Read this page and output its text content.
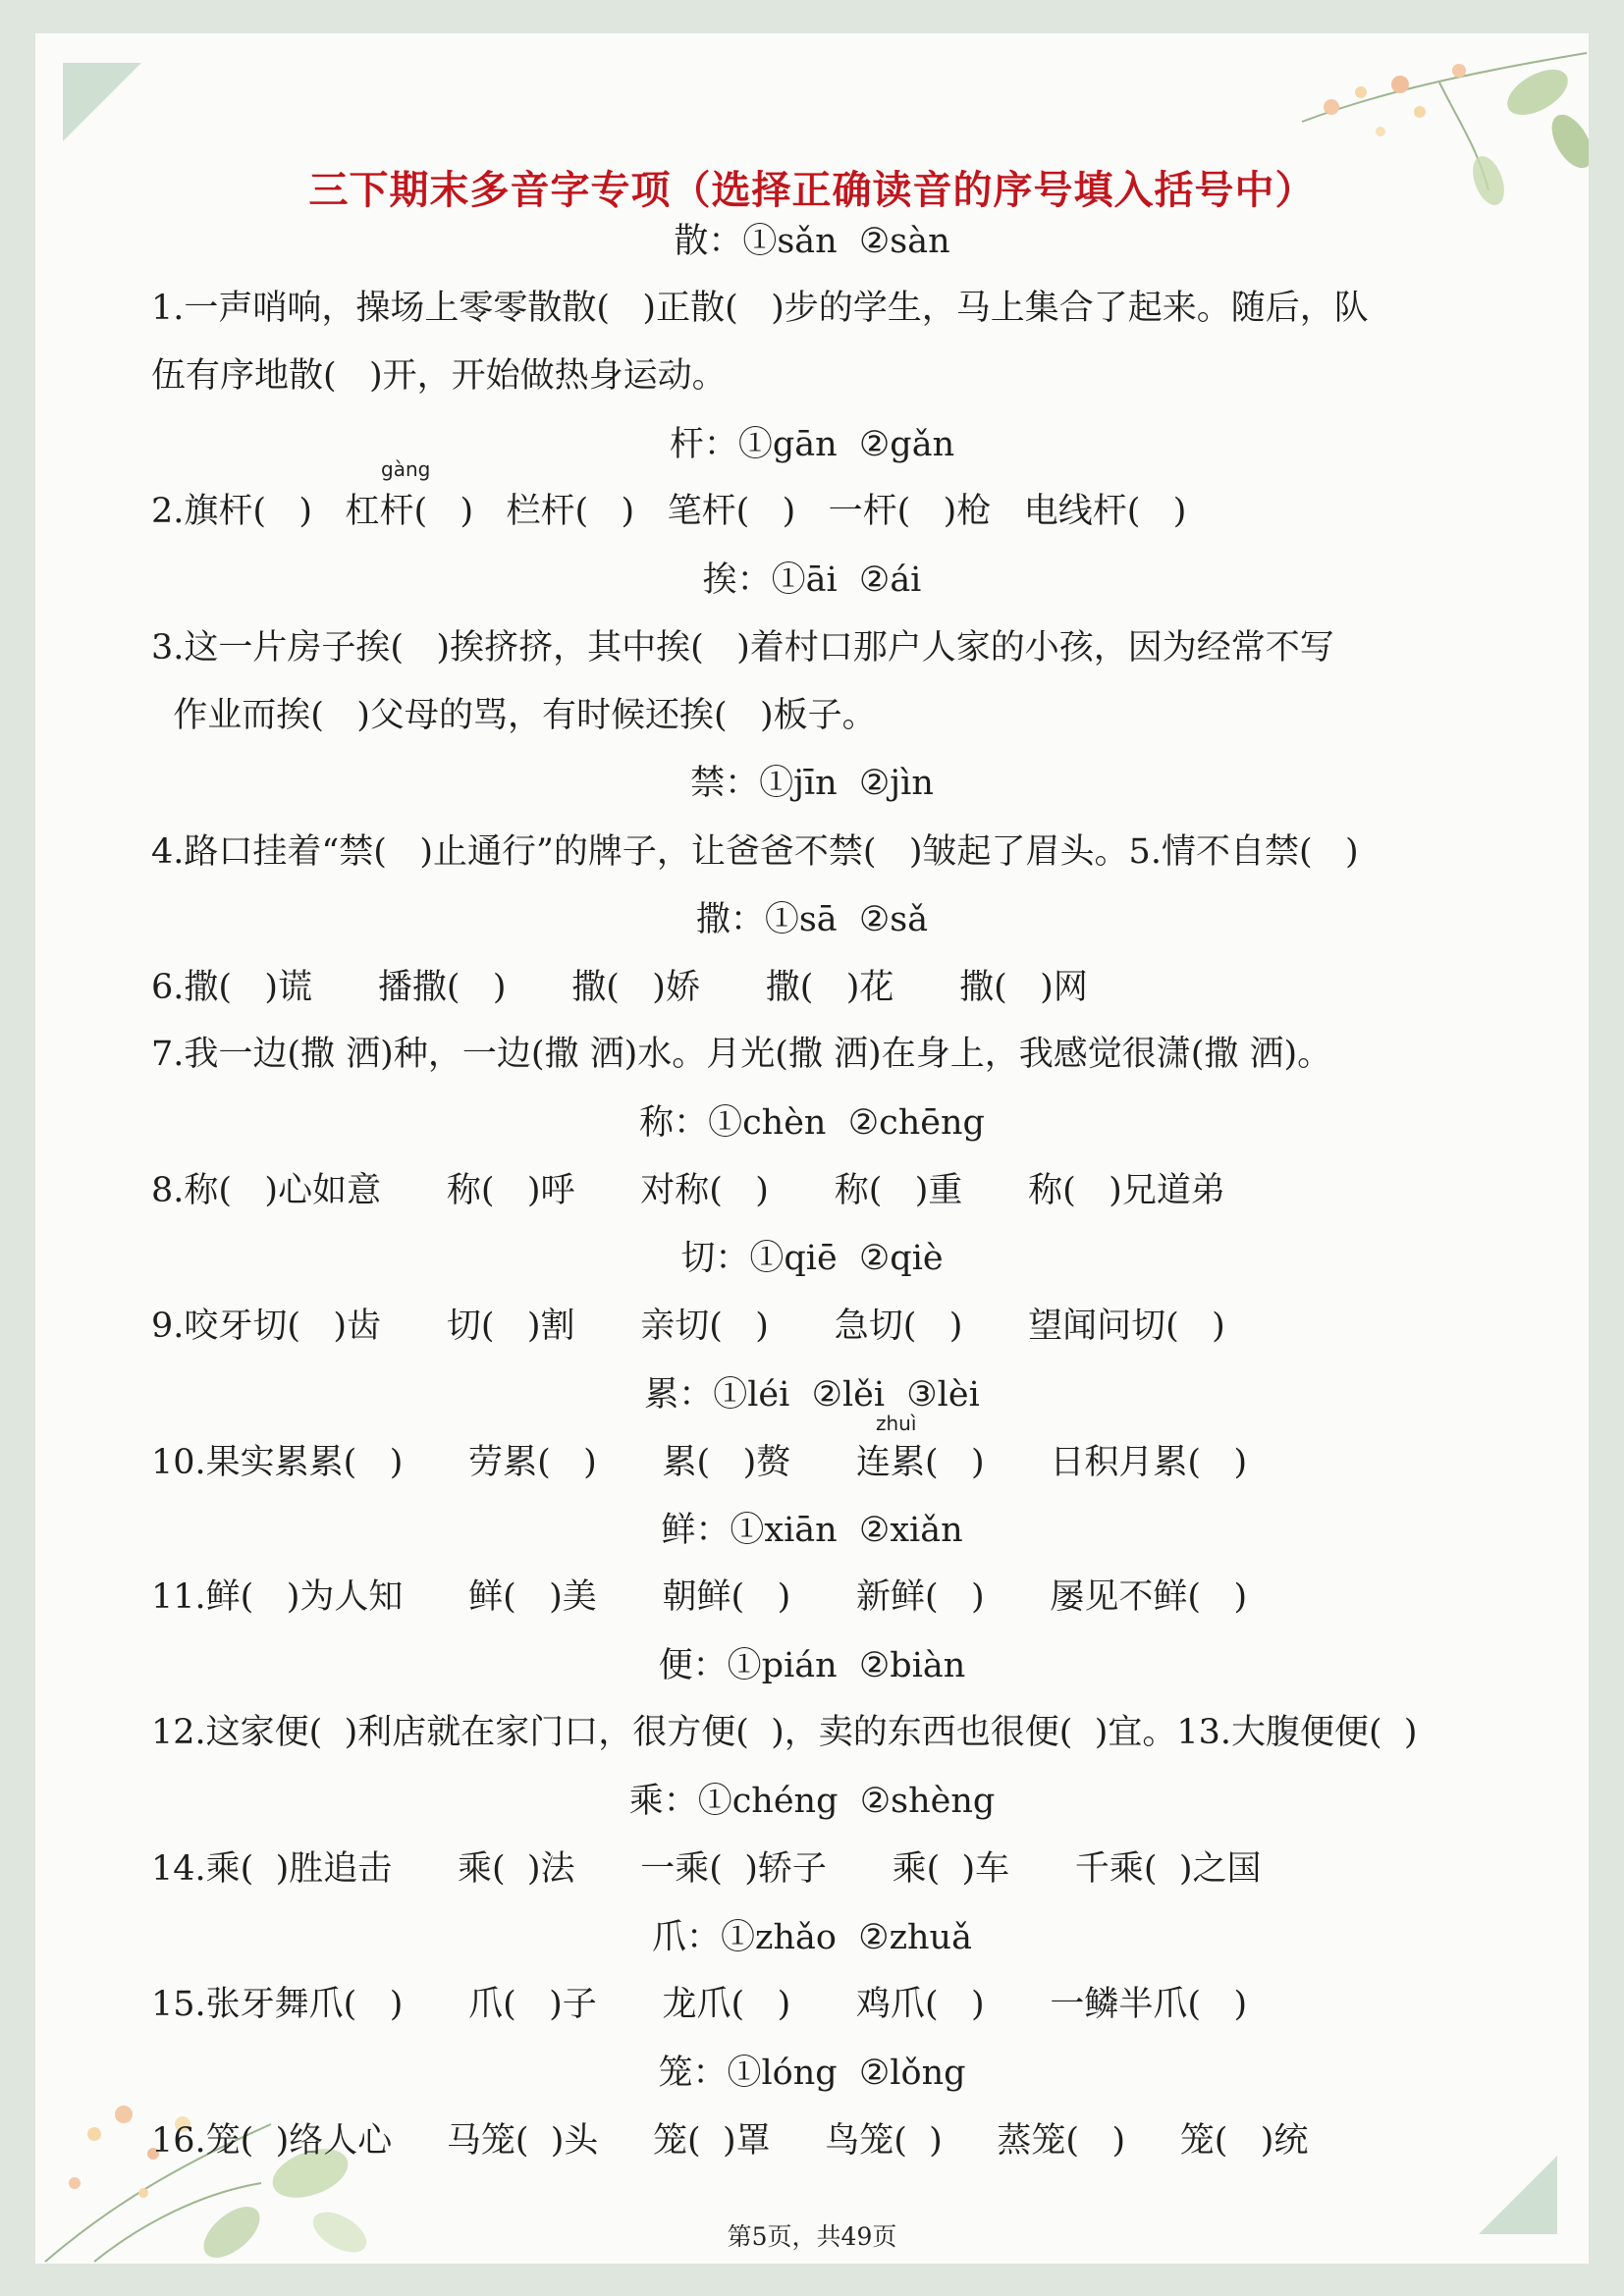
三下期末多音字专项（选择正确读音的序号填入括号中）
散：①sǎn  ②sàn
1.一声哨响，操场上零零散散(   )正散(   )步的学生，马上集合了起来。随后，队
伍有序地散(   )开，开始做热身运动。
杆：①gān  ②gǎn
2.旗杆(   )   杠杆(   )   栏杆(   )   笔杆(   )   一杆(   )枪   电线杆(   )
挨：①āi  ②ái
3.这一片房子挨(   )挨挤挤，其中挨(   )着村口那户人家的小孩，因为经常不写
作业而挨(   )父母的骂，有时候还挨(   )板子。
禁：①jīn  ②jìn
4.路口挂着“禁(   )止通行”的牌子，让爸爸不禁(   )皱起了眉头。5.情不自禁(   )
撒：①sā  ②sǎ
6.撒(   )谎      播撒(   )      撒(   )娇      撒(   )花      撒(   )网
7.我一边(撒 洒)种，一边(撒 洒)水。月光(撒 洒)在身上，我感觉很潇(撒 洒)。
称：①chèn  ②chēng
8.称(   )心如意      称(   )呼      对称(   )      称(   )重      称(   )兄道弟
切：①qiē  ②qiè
9.咬牙切(   )齿      切(   )割      亲切(   )      急切(   )      望闻问切(   )
累：①léi  ②lěi  ③lèi
10.果实累累(   )      劳累(   )      累(   )赘      连累(   )      日积月累(   )
鲜：①xiān  ②xiǎn
11.鲜(   )为人知      鲜(   )美      朝鲜(   )      新鲜(   )      屡见不鲜(   )
便：①pián  ②biàn
12.这家便(  )利店就在家门口，很方便(  )，卖的东西也很便(  )宜。13.大腹便便(  )
乘：①chéng  ②shèng
14.乘(  )胜追击      乘(  )法      一乘(  )轿子      乘(  )车      千乘(  )之国
爪：①zhǎo  ②zhuǎ
15.张牙舞爪(   )      爪(   )子      龙爪(   )      鸡爪(   )      一鳞半爪(   )
笼：①lóng  ②lǒng
16.笼(  )络人心     马笼(  )头     笼(  )罩     鸟笼(  )     蒸笼(   )     笼(   )统
gàng
zhuì
第5页，共49页
